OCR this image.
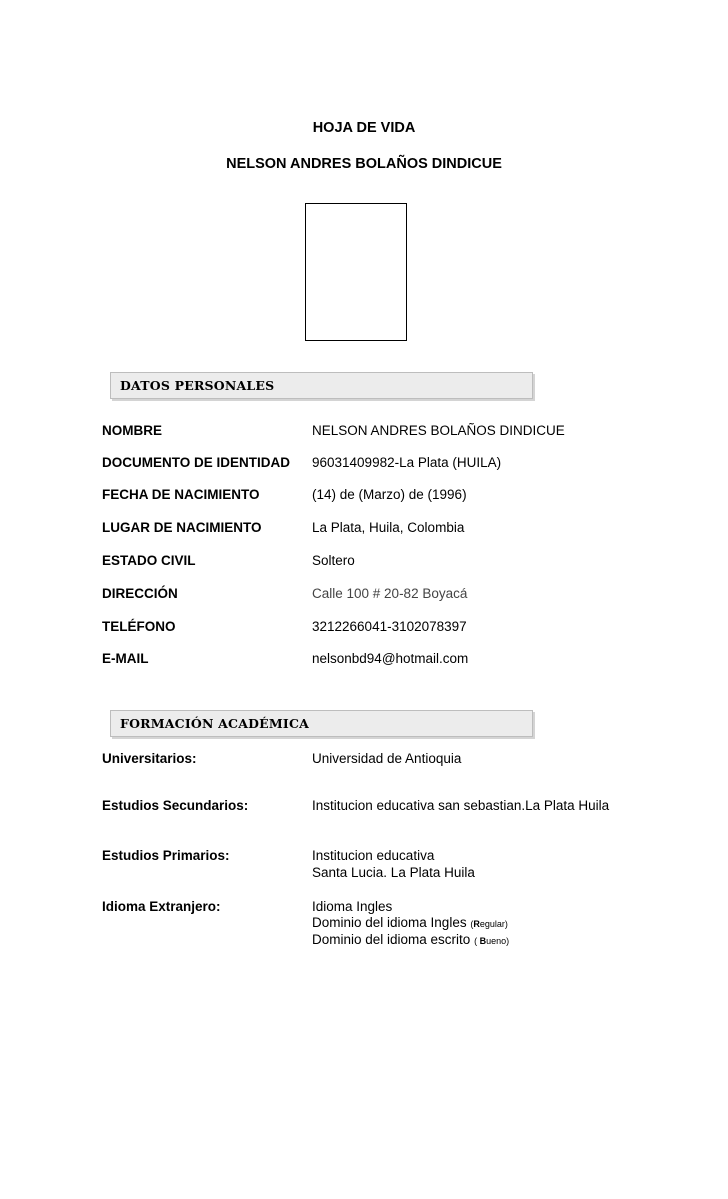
HOJA DE VIDA
NELSON ANDRES BOLAÑOS DINDICUE
DATOS PERSONALES
NOMBRE	NELSON ANDRES BOLAÑOS DINDICUE
DOCUMENTO DE IDENTIDAD 96031409982-La Plata (HUILA)
FECHA DE NACIMIENTO	(14) de (Marzo) de (1996)
LUGAR DE NACIMIENTO	La Plata, Huila, Colombia
ESTADO CIVIL	Soltero
DIRECCIÓN	Calle 100 # 20-82 Boyacá
TELÉFONO	3212266041-3102078397
E-MAIL	nelsonbd94@hotmail.com
FORMACIÓN ACADÉMICA
Universitarios:	Universidad de Antioquia
Estudios Secundarios:	Institucion educativa san sebastian.La Plata Huila
Estudios Primarios:	Institucion educativa
Santa Lucia. La Plata Huila
Idioma Extranjero:	Idioma Ingles
Dominio del idioma Ingles (Regular)
Dominio del idioma escrito ( Bueno)
